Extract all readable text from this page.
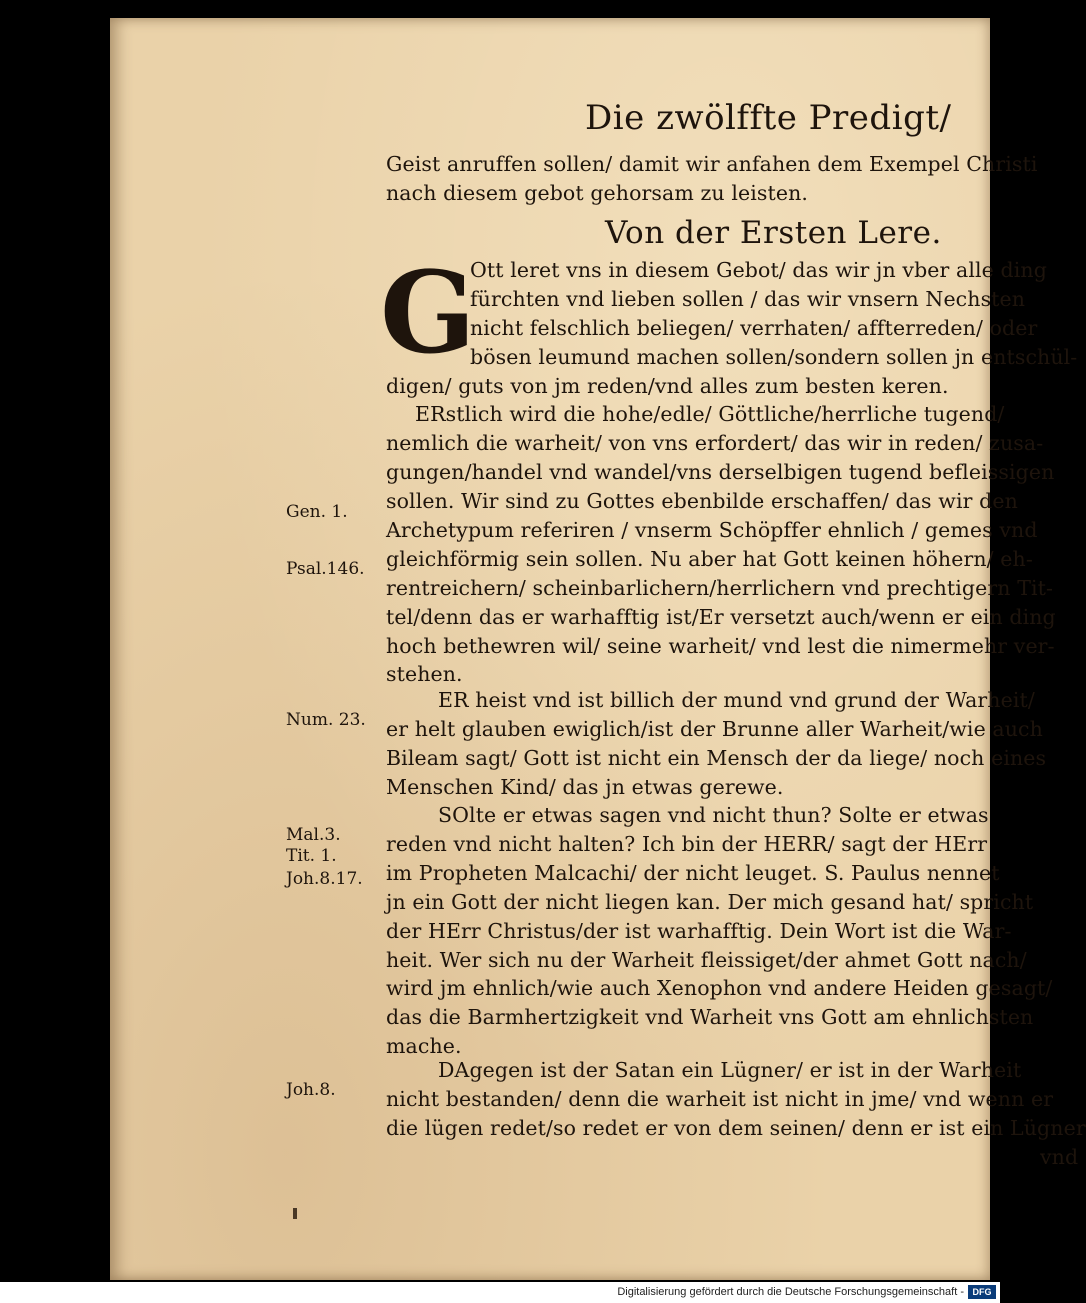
Die zwölffte Predigt/
Geist anruffen sollen/ damit wir anfahen dem Exempel Christi
nach diesem gebot gehorsam zu leisten.
Von der Ersten Lere.
G
Ott leret vns in diesem Gebot/ das wir jn vber alle ding
fürchten vnd lieben sollen / das wir vnsern Nechsten
nicht felschlich beliegen/ verrhaten/ affterreden/ oder
bösen leumund machen sollen/sondern sollen jn entschül-
digen/ guts von jm reden/vnd alles zum besten keren.
ERstlich wird die hohe/edle/ Göttliche/herrliche tugend/
nemlich die warheit/ von vns erfordert/ das wir in reden/ zusa-
gungen/handel vnd wandel/vns derselbigen tugend befleissigen
sollen. Wir sind zu Gottes ebenbilde erschaffen/ das wir den
Archetypum referiren / vnserm Schöpffer ehnlich / gemes vnd
gleichförmig sein sollen. Nu aber hat Gott keinen höhern/ eh-
rentreichern/ scheinbarlichern/herrlichern vnd prechtigern Tit-
tel/denn das er warhafftig ist/Er versetzt auch/wenn er ein ding
hoch bethewren wil/ seine warheit/ vnd lest die nimermehr ver-
stehen.
ER heist vnd ist billich der mund vnd grund der Warheit/
er helt glauben ewiglich/ist der Brunne aller Warheit/wie auch
Bileam sagt/ Gott ist nicht ein Mensch der da liege/ noch eines
Menschen Kind/ das jn etwas gerewe.
SOlte er etwas sagen vnd nicht thun? Solte er etwas
reden vnd nicht halten? Ich bin der HERR/ sagt der HErr
im Propheten Malcachi/ der nicht leuget. S. Paulus nennet
jn ein Gott der nicht liegen kan. Der mich gesand hat/ spricht
der HErr Christus/der ist warhafftig. Dein Wort ist die War-
heit. Wer sich nu der Warheit fleissiget/der ahmet Gott nach/
wird jm ehnlich/wie auch Xenophon vnd andere Heiden gesagt/
das die Barmhertzigkeit vnd Warheit vns Gott am ehnlichsten
mache.
DAgegen ist der Satan ein Lügner/ er ist in der Warheit
nicht bestanden/ denn die warheit ist nicht in jme/ vnd wenn er
die lügen redet/so redet er von dem seinen/ denn er ist ein Lügner
vnd
Gen. 1.
Psal.146.
Num. 23.
Mal.3.
Tit. 1.
Joh.8.17.
Joh.8.
Digitalisierung gefördert durch die Deutsche Forschungsgemeinschaft - DFG
